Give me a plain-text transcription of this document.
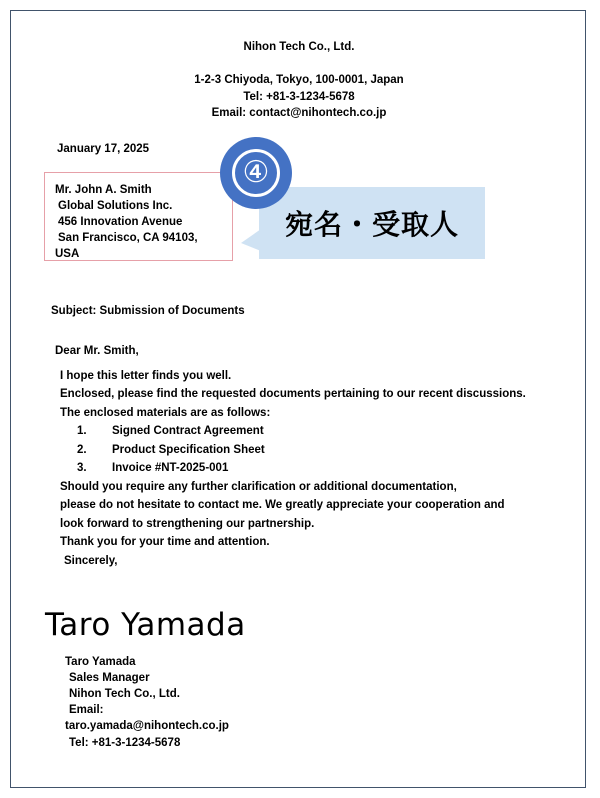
Nihon Tech Co., Ltd.
1-2-3 Chiyoda, Tokyo, 100-0001, Japan
Tel: +81-3-1234-5678
Email: contact@nihontech.co.jp
January 17, 2025
Mr. John A. Smith
Global Solutions Inc.
456 Innovation Avenue
San Francisco, CA 94103,
USA
④
宛名・受取人
Subject: Submission of Documents
Dear Mr. Smith,
I hope this letter finds you well.
Enclosed, please find the requested documents pertaining to our recent discussions.
The enclosed materials are as follows:
1. Signed Contract Agreement
2. Product Specification Sheet
3. Invoice #NT-2025-001
Should you require any further clarification or additional documentation,
please do not hesitate to contact me. We greatly appreciate your cooperation and
look forward to strengthening our partnership.
Thank you for your time and attention.
Sincerely,
Taro Yamada
Taro Yamada
Sales Manager
Nihon Tech Co., Ltd.
Email:
taro.yamada@nihontech.co.jp
Tel: +81-3-1234-5678
